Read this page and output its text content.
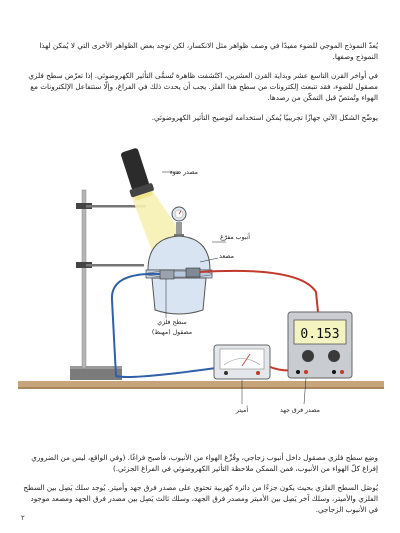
يُعدّ النموذج الموجي للضوء مفيدًا في وصف ظواهر مثل الانكسار، لكن توجد بعض الظواهر الأخرى التي لا يُمكن لهذا النموذج وصفها.

في أواخر القرن التاسع عشر وبداية القرن العشرين، اكتُشفت ظاهرة تُسمَّى التأثير الكهروضوئي. إذا تعرّض سطح فلزي مصقول للضوء، فقد تنبعث إلكترونات من سطح هذا الفلز. يجب أن يحدث ذلك في الفراغ، وإلّا ستتفاعل الإلكترونات مع الهواء وتُمتصّ قبل التمكّن من رصدها.

يوضّح الشكل الآتي جهازًا تجريبيًا يُمكن استخدامه لتوضيح التأثير الكهروضوئي.

مصدر ضوء
أنبوب مفرّغ
مصعد
سطح فلزي
مصقول (مهبط)
أميتر
0.153
مصدر فرق جهد

وضِع سطح فلزي مصقول داخل أنبوب زجاجي، وفُرِّغ الهواء من الأنبوب، فأصبح فراغًا. (وفي الواقع، ليس من الضروري إفراغ كلّ الهواء من الأنبوب، فمن الممكن ملاحظة التأثير الكهروضوئي في الفراغ الجزئي.)

يُوصَل السطح الفلزي بحيث يكون جزءًا من دائرة كهربية تحتوي على مصدر فرق جهد وأميتر. يُوجد سلك يَصِل بين السطح الفلزي والأميتر، وسلك آخر يَصِل بين الأميتر ومصدر فرق الجهد، وسلك ثالث يَصِل بين مصدر فرق الجهد ومصعد موجود في الأنبوب الزجاجي.

٢
